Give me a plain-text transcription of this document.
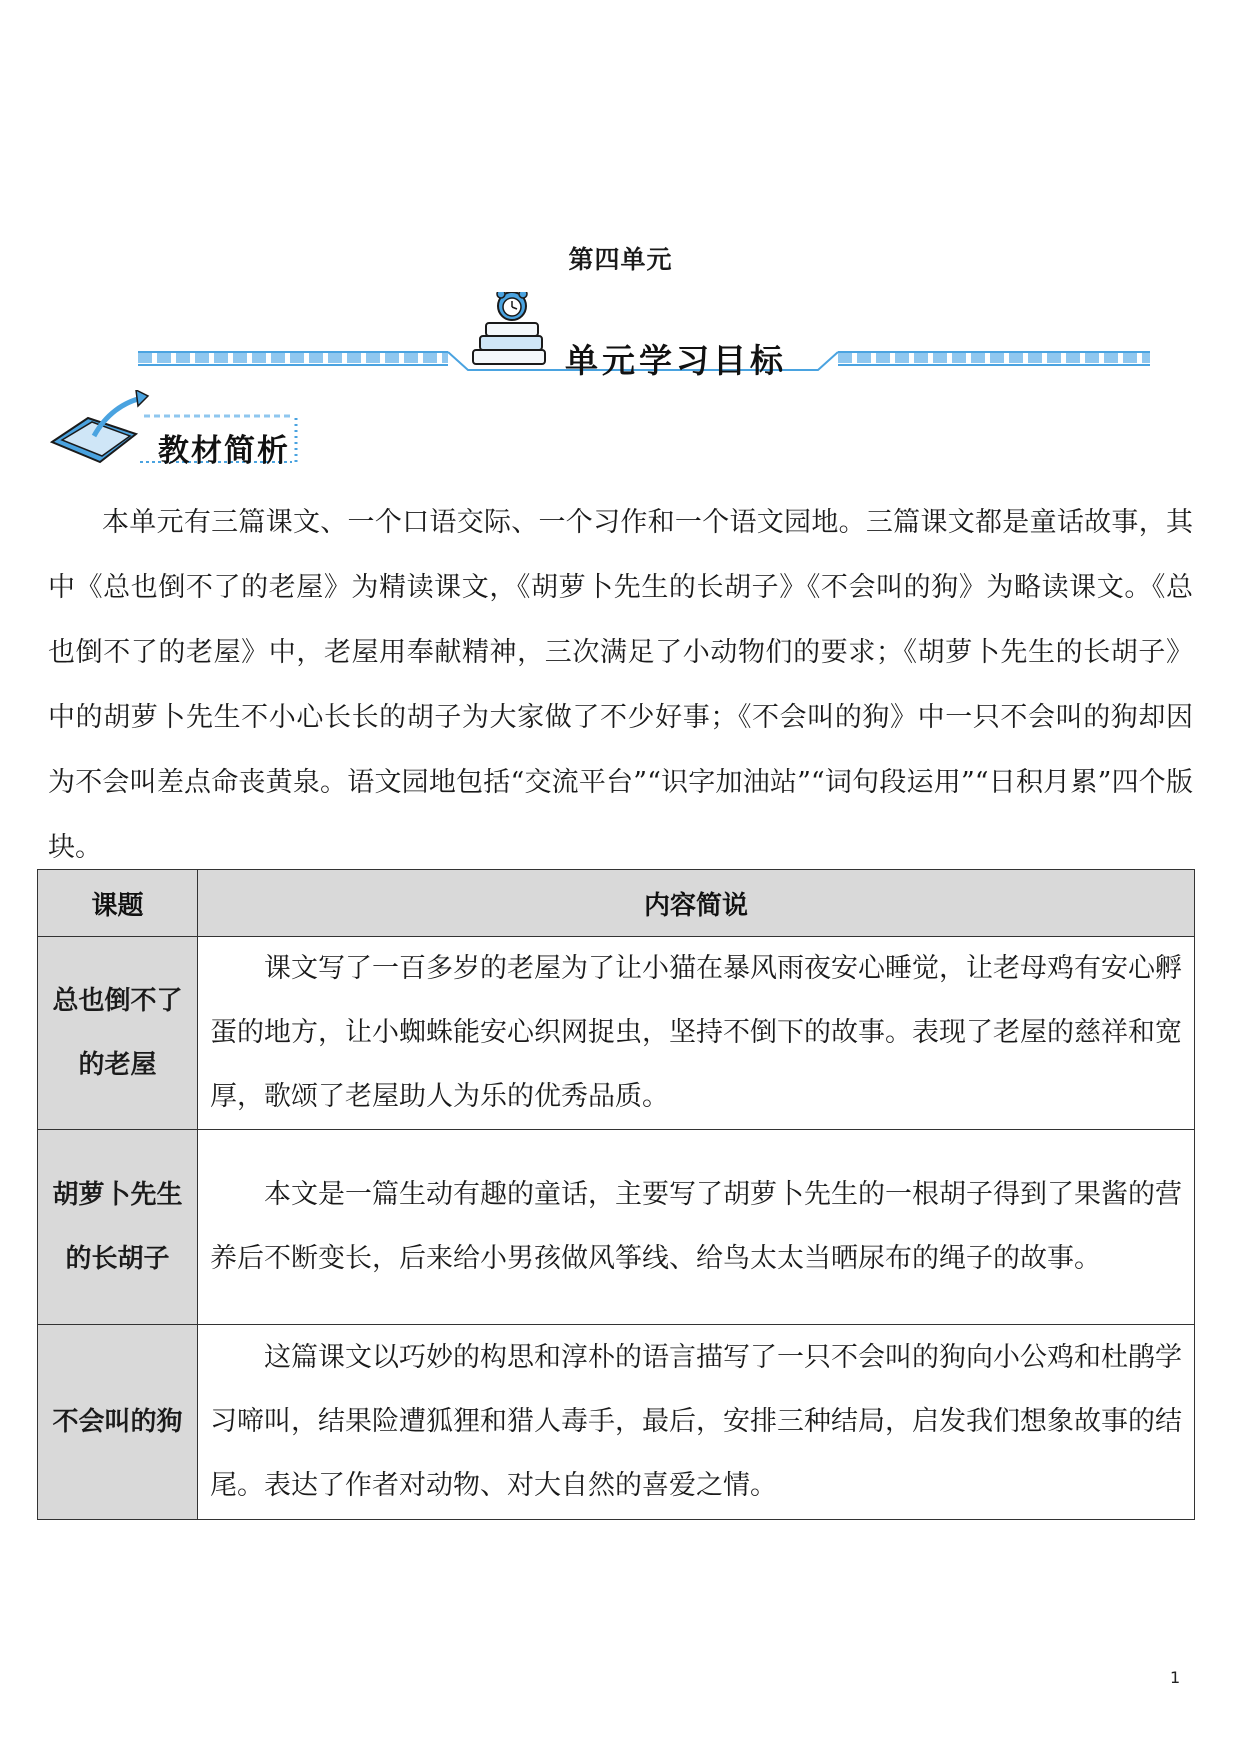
第四单元
单元学习目标
教材简析

本单元有三篇课文、一个口语交际、一个习作和一个语文园地。三篇课文都是童话故事，其中《总也倒不了的老屋》为精读课文，《胡萝卜先生的长胡子》《不会叫的狗》为略读课文。《总也倒不了的老屋》中，老屋用奉献精神，三次满足了小动物们的要求；《胡萝卜先生的长胡子》中的胡萝卜先生不小心长长的胡子为大家做了不少好事；《不会叫的狗》中一只不会叫的狗却因为不会叫差点命丧黄泉。语文园地包括“交流平台”“识字加油站”“词句段运用”“日积月累”四个版块。

课题	内容简说
总也倒不了的老屋	课文写了一百多岁的老屋为了让小猫在暴风雨夜安心睡觉，让老母鸡有安心孵蛋的地方，让小蜘蛛能安心织网捉虫，坚持不倒下的故事。表现了老屋的慈祥和宽厚，歌颂了老屋助人为乐的优秀品质。
胡萝卜先生的长胡子	本文是一篇生动有趣的童话，主要写了胡萝卜先生的一根胡子得到了果酱的营养后不断变长，后来给小男孩做风筝线、给鸟太太当晒尿布的绳子的故事。
不会叫的狗	这篇课文以巧妙的构思和淳朴的语言描写了一只不会叫的狗向小公鸡和杜鹃学习啼叫，结果险遭狐狸和猎人毒手，最后，安排三种结局，启发我们想象故事的结尾。表达了作者对动物、对大自然的喜爱之情。
1
